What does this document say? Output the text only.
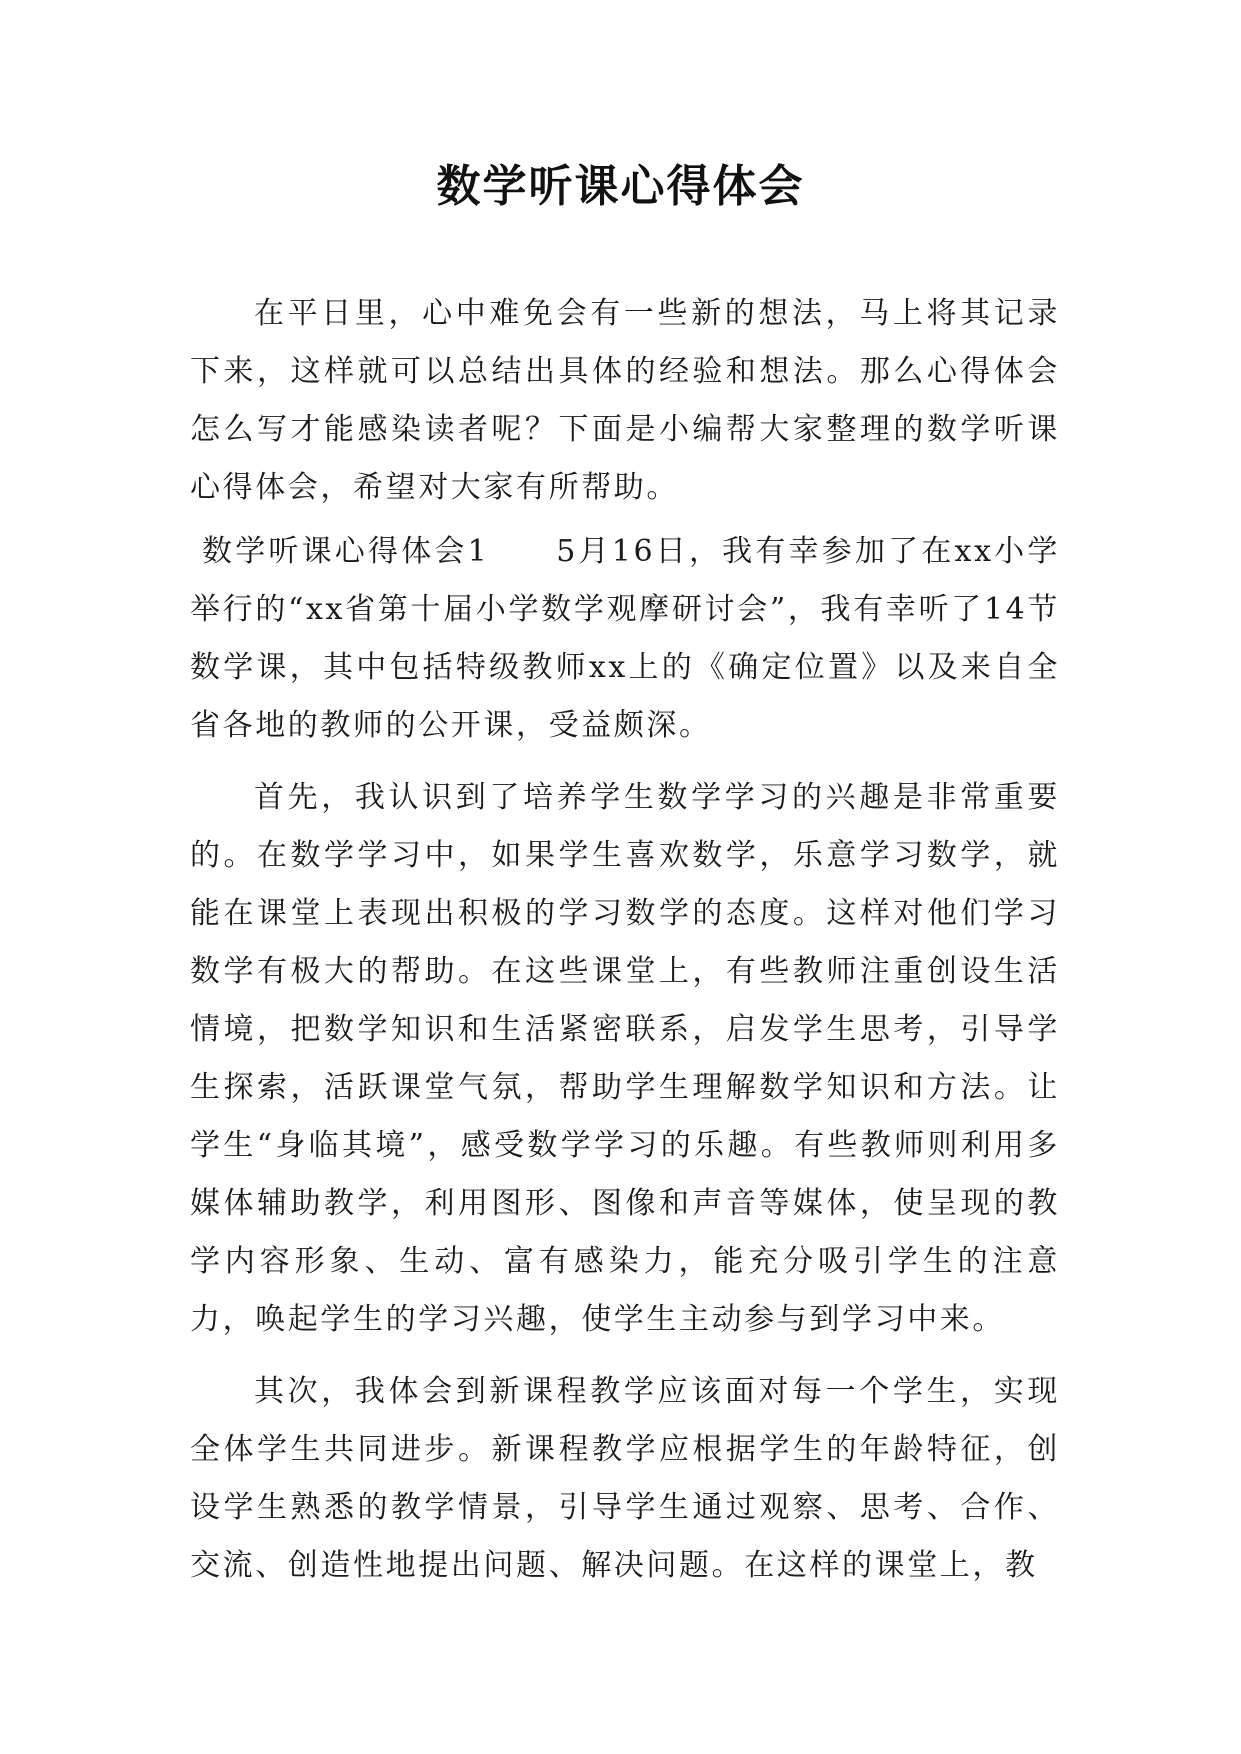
数学听课心得体会

在平日里，心中难免会有一些新的想法，马上将其记录下来，这样就可以总结出具体的经验和想法。那么心得体会怎么写才能感染读者呢？下面是小编帮大家整理的数学听课心得体会，希望对大家有所帮助。

数学听课心得体会1　　 5月16日，我有幸参加了在xx小学举行的“xx省第十届小学数学观摩研讨会”，我有幸听了14节数学课，其中包括特级教师xx上的《确定位置》以及来自全省各地的教师的公开课，受益颇深。

首先，我认识到了培养学生数学学习的兴趣是非常重要的。在数学学习中，如果学生喜欢数学，乐意学习数学，就能在课堂上表现出积极的学习数学的态度。这样对他们学习数学有极大的帮助。在这些课堂上，有些教师注重创设生活情境，把数学知识和生活紧密联系，启发学生思考，引导学生探索，活跃课堂气氛，帮助学生理解数学知识和方法。让学生“身临其境”，感受数学学习的乐趣。有些教师则利用多媒体辅助教学，利用图形、图像和声音等媒体，使呈现的教学内容形象、生动、富有感染力，能充分吸引学生的注意力，唤起学生的学习兴趣，使学生主动参与到学习中来。

其次，我体会到新课程教学应该面对每一个学生，实现全体学生共同进步。新课程教学应根据学生的年龄特征，创设学生熟悉的教学情景，引导学生通过观察、思考、合作、交流、创造性地提出问题、解决问题。在这样的课堂上，教
